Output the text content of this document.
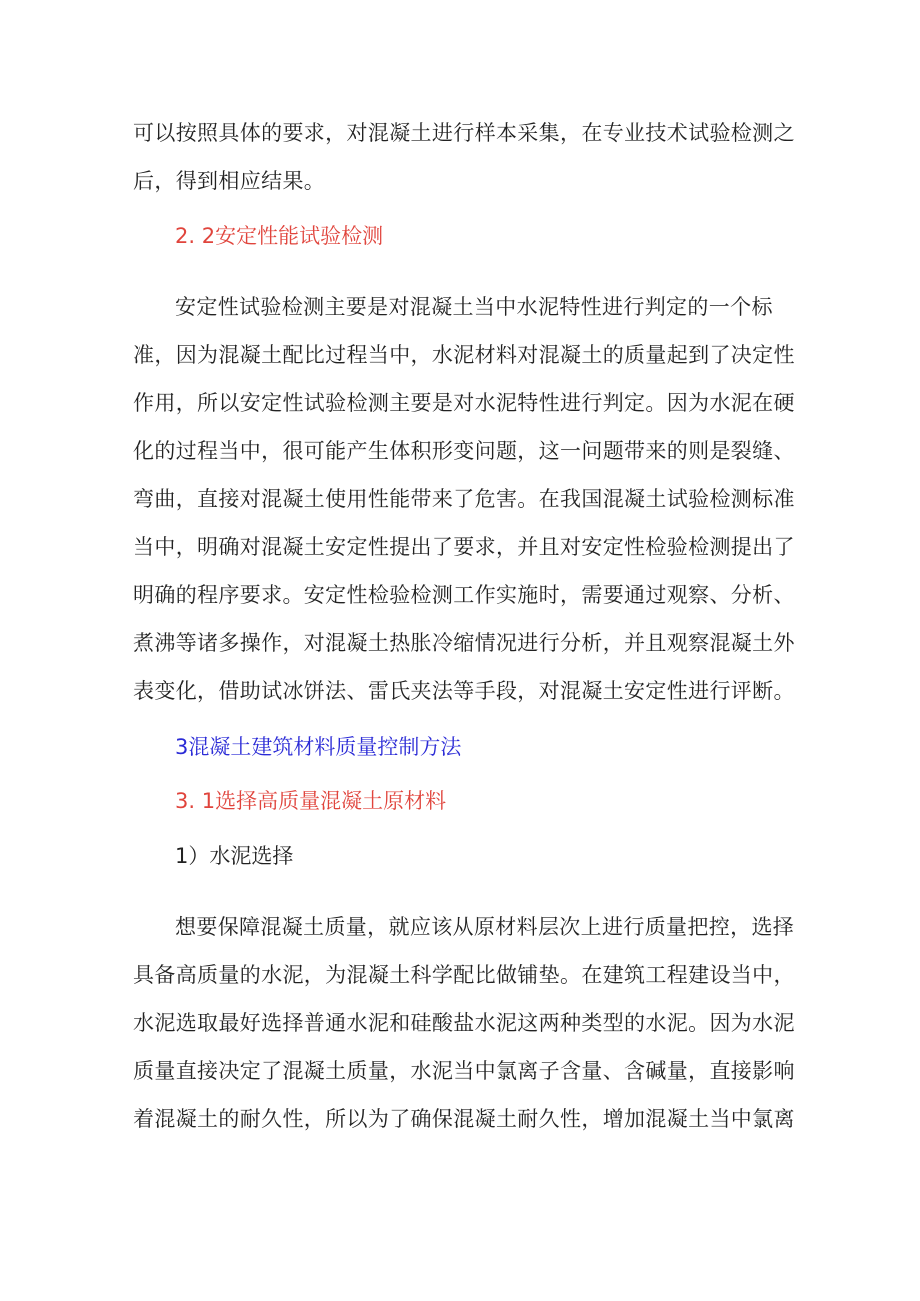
可以按照具体的要求，对混凝土进行样本采集，在专业技术试验检测之
后，得到相应结果。
2. 2安定性能试验检测
安定性试验检测主要是对混凝土当中水泥特性进行判定的一个标
准，因为混凝土配比过程当中，水泥材料对混凝土的质量起到了决定性
作用，所以安定性试验检测主要是对水泥特性进行判定。因为水泥在硬
化的过程当中，很可能产生体积形变问题，这一问题带来的则是裂缝、
弯曲，直接对混凝土使用性能带来了危害。在我国混凝土试验检测标准
当中，明确对混凝土安定性提出了要求，并且对安定性检验检测提出了
明确的程序要求。安定性检验检测工作实施时，需要通过观察、分析、
煮沸等诸多操作，对混凝土热胀冷缩情况进行分析，并且观察混凝土外
表变化，借助试冰饼法、雷氏夹法等手段，对混凝土安定性进行评断。
3混凝土建筑材料质量控制方法
3. 1选择高质量混凝土原材料
1）水泥选择
想要保障混凝土质量，就应该从原材料层次上进行质量把控，选择
具备高质量的水泥，为混凝土科学配比做铺垫。在建筑工程建设当中，
水泥选取最好选择普通水泥和硅酸盐水泥这两种类型的水泥。因为水泥
质量直接决定了混凝土质量，水泥当中氯离子含量、含碱量，直接影响
着混凝土的耐久性，所以为了确保混凝土耐久性，增加混凝土当中氯离
